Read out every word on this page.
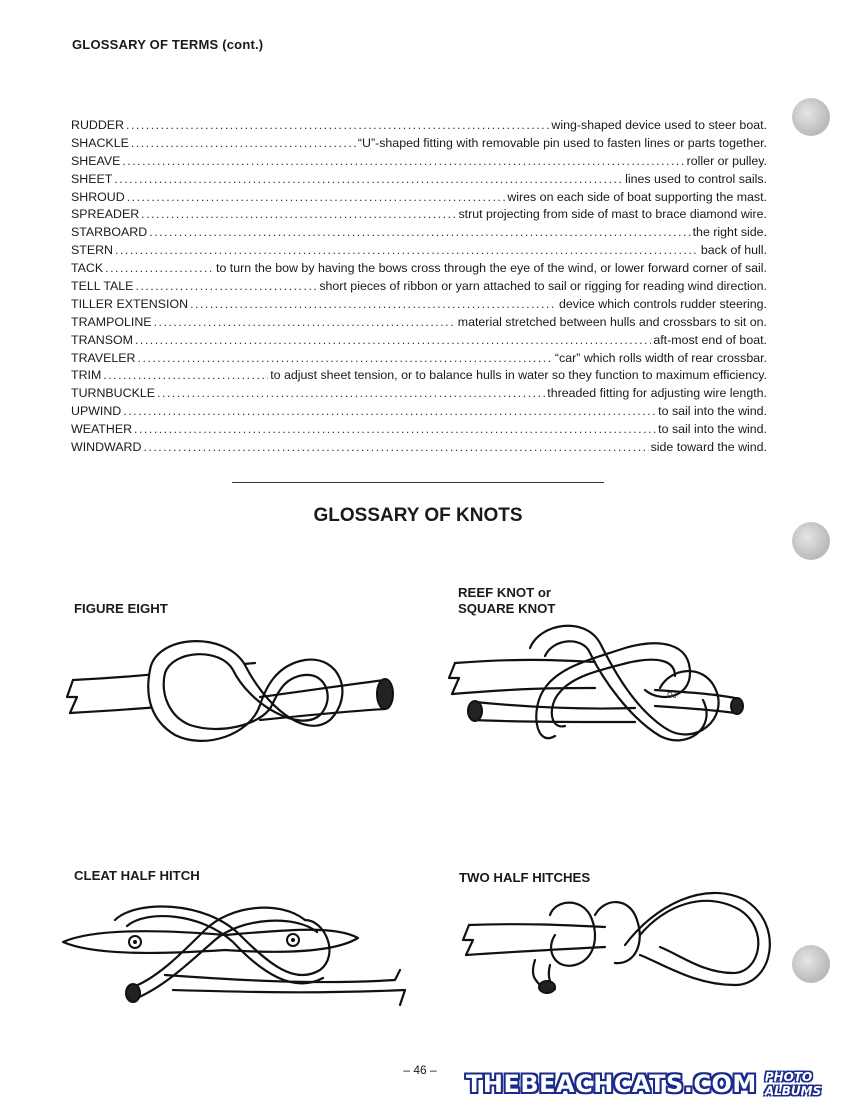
GLOSSARY OF TERMS (cont.)
RUDDER .....	wing-shaped device used to steer boat.
SHACKLE .....	“U”-shaped fitting with removable pin used to fasten lines or parts together.
SHEAVE .....	roller or pulley.
SHEET .....	lines used to control sails.
SHROUD .....	wires on each side of boat supporting the mast.
SPREADER .....	strut projecting from side of mast to brace diamond wire.
STARBOARD .....	the right side.
STERN .....	back of hull.
TACK .....	to turn the bow by having the bows cross through the eye of the wind, or lower forward corner of sail.
TELL TALE .....	short pieces of ribbon or yarn attached to sail or rigging for reading wind direction.
TILLER EXTENSION .....	device which controls rudder steering.
TRAMPOLINE .....	material stretched between hulls and crossbars to sit on.
TRANSOM .....	aft-most end of boat.
TRAVELER .....	“car” which rolls width of rear crossbar.
TRIM .....	to adjust sheet tension, or to balance hulls in water so they function to maximum efficiency.
TURNBUCKLE .....	threaded fitting for adjusting wire length.
UPWIND .....	to sail into the wind.
WEATHER .....	to sail into the wind.
WINDWARD .....	side toward the wind.
GLOSSARY OF KNOTS
FIGURE EIGHT
REEF KNOT or
SQUARE KNOT
DJ
CLEAT HALF HITCH	TWO HALF HITCHES
– 46 –	THEBEACHCATS.COM PHOTO ALBUMS
